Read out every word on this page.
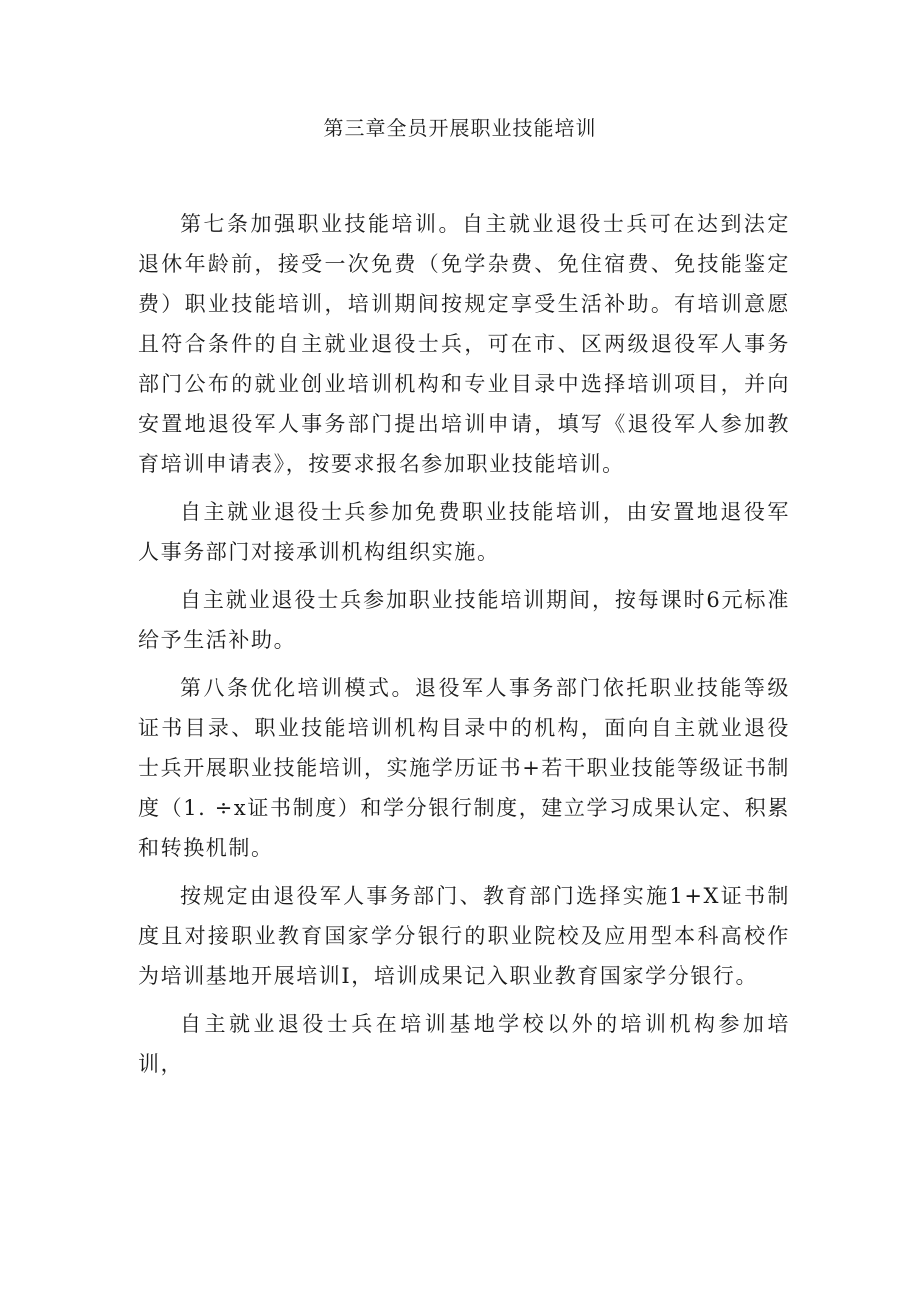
第三章全员开展职业技能培训

第七条加强职业技能培训。自主就业退役士兵可在达到法定退休年龄前，接受一次免费（免学杂费、免住宿费、免技能鉴定费）职业技能培训，培训期间按规定享受生活补助。有培训意愿且符合条件的自主就业退役士兵，可在市、区两级退役军人事务部门公布的就业创业培训机构和专业目录中选择培训项目，并向安置地退役军人事务部门提出培训申请，填写《退役军人参加教育培训申请表》，按要求报名参加职业技能培训。

自主就业退役士兵参加免费职业技能培训，由安置地退役军人事务部门对接承训机构组织实施。

自主就业退役士兵参加职业技能培训期间，按每课时6元标准给予生活补助。

第八条优化培训模式。退役军人事务部门依托职业技能等级证书目录、职业技能培训机构目录中的机构，面向自主就业退役士兵开展职业技能培训，实施学历证书+若干职业技能等级证书制度（1. ÷x证书制度）和学分银行制度，建立学习成果认定、积累和转换机制。

按规定由退役军人事务部门、教育部门选择实施1+X证书制度且对接职业教育国家学分银行的职业院校及应用型本科高校作为培训基地开展培训I，培训成果记入职业教育国家学分银行。

自主就业退役士兵在培训基地学校以外的培训机构参加培训，
